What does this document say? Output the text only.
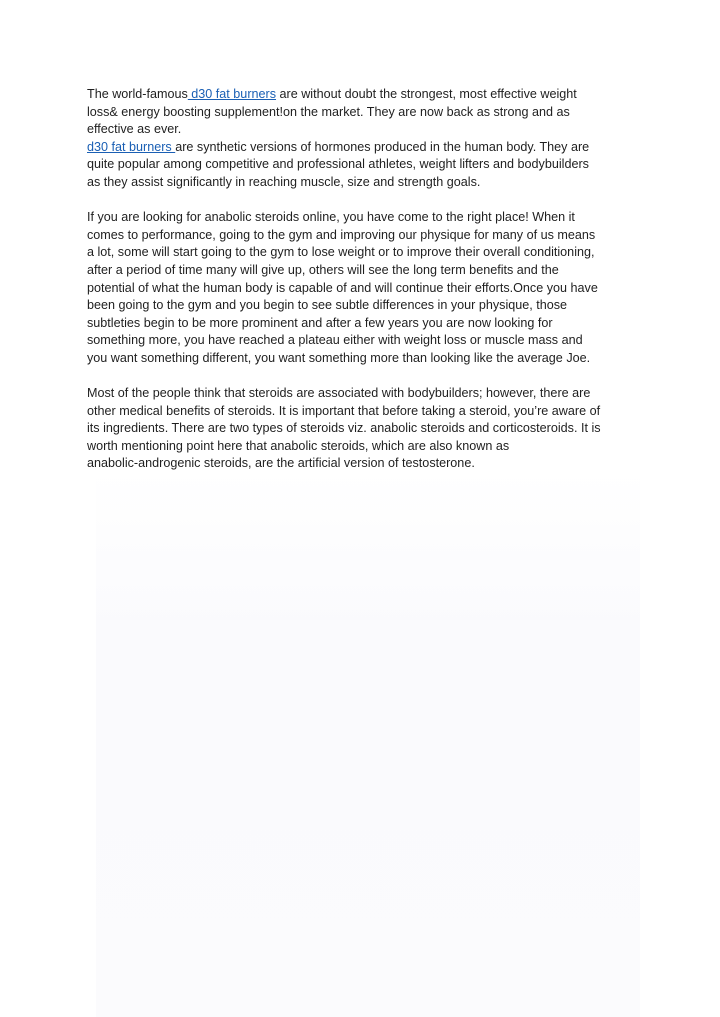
The world-famous d30 fat burners are without doubt the strongest, most effective weight
loss& energy boosting supplement!on the market. They are now back as strong and as
effective as ever.

d30 fat burners are synthetic versions of hormones produced in the human body. They are
quite popular among competitive and professional athletes, weight lifters and bodybuilders
as they assist significantly in reaching muscle, size and strength goals.

If you are looking for anabolic steroids online, you have come to the right place! When it
comes to performance, going to the gym and improving our physique for many of us means
a lot, some will start going to the gym to lose weight or to improve their overall conditioning,
after a period of time many will give up, others will see the long term benefits and the
potential of what the human body is capable of and will continue their efforts.Once you have
been going to the gym and you begin to see subtle differences in your physique, those
subtleties begin to be more prominent and after a few years you are now looking for
something more, you have reached a plateau either with weight loss or muscle mass and
you want something different, you want something more than looking like the average Joe.

Most of the people think that steroids are associated with bodybuilders; however, there are
other medical benefits of steroids. It is important that before taking a steroid, you’re aware of
its ingredients. There are two types of steroids viz. anabolic steroids and corticosteroids. It is
worth mentioning point here that anabolic steroids, which are also known as
anabolic-androgenic steroids, are the artificial version of testosterone.
